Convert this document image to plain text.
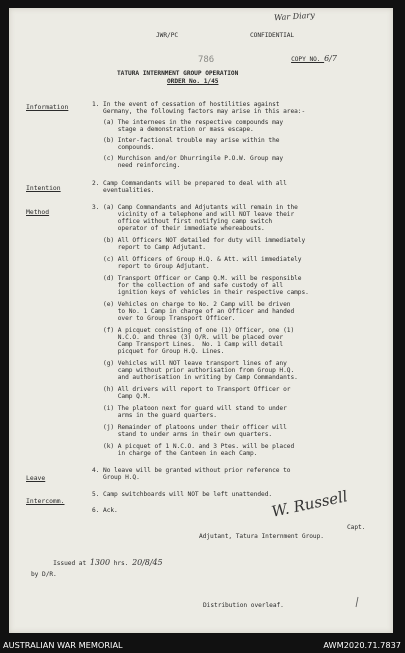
War Diary
JWR/PC	CONFIDENTIAL

COPY NO. 6/7

786
TATURA INTERNMENT GROUP OPERATION
ORDER No. 1/45
Information
Intention
Method
Leave
Intercomm.
1. In the event of cessation of hostilities against
Germany, the following factors may arise in this area:-
(a) The internees in the respective compounds may
stage a demonstration or mass escape.
(b) Inter-factional trouble may arise within the
compounds.
(c) Murchison and/or Dhurringile P.O.W. Group may
need reinforcing.
2. Camp Commandants will be prepared to deal with all
eventualities.
3. (a) Camp Commandants and Adjutants will remain in the
vicinity of a telephone and will NOT leave their
office without first notifying camp switch
operator of their immediate whereabouts.
(b) All Officers NOT detailed for duty will immediately
report to Camp Adjutant.
(c) All Officers of Group H.Q. & Att. will immediately
report to Group Adjutant.
(d) Transport Officer or Camp Q.M. will be responsible
for the collection of and safe custody of all
ignition keys of vehicles in their respective camps.
(e) Vehicles on charge to No. 2 Camp will be driven
to No. 1 Camp in charge of an Officer and handed
over to Group Transport Officer.
(f) A picquet consisting of one (1) Officer, one (1)
N.C.O. and three (3) O/R. will be placed over
Camp Transport Lines.  No. 1 Camp will detail
picquet for Group H.Q. Lines.
(g) Vehicles will NOT leave transport lines of any
camp without prior authorisation from Group H.Q.
and authorisation in writing by Camp Commandants.
(h) All drivers will report to Transport Officer or
Camp Q.M.
(i) The platoon next for guard will stand to under
arms in the guard quarters.
(j) Remainder of platoons under their officer will
stand to under arms in their own quarters.
(k) A picquet of 1 N.C.O. and 3 Ptes. will be placed
in charge of the Canteen in each Camp.
4. No leave will be granted without prior reference to
Group H.Q.
5. Camp switchboards will NOT be left unattended.
6. Ack.	W. Russell
Capt.
Adjutant, Tatura Internment Group.

Issued at 1300 hrs. 20/8/45

by D/R.
Distribution overleaf.
AUSTRALIAN WAR MEMORIAL	AWM2020.71.7837
